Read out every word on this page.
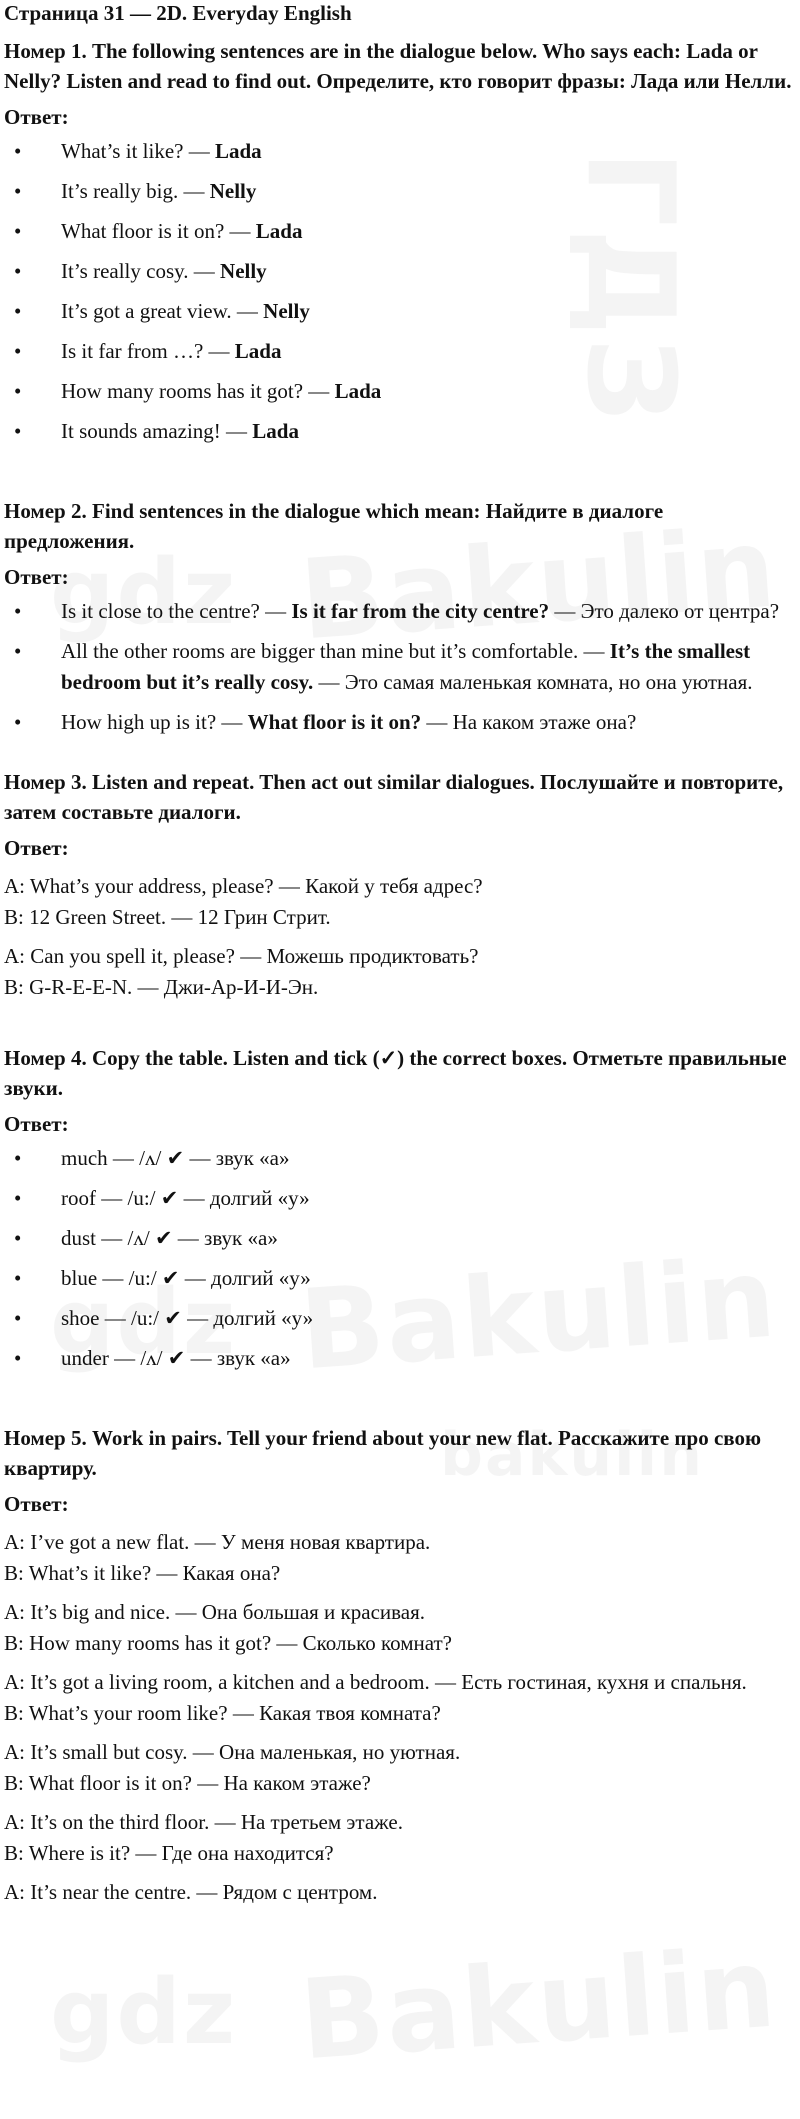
Страница 31 — 2D. Everyday English
Номер 1. The following sentences are in the dialogue below. Who says each: Lada or Nelly? Listen and read to find out. Определите, кто говорит фразы: Лада или Нелли.
Ответ:
• What’s it like? — Lada
• It’s really big. — Nelly
• What floor is it on? — Lada
• It’s really cosy. — Nelly
• It’s got a great view. — Nelly
• Is it far from …? — Lada
• How many rooms has it got? — Lada
• It sounds amazing! — Lada
Номер 2. Find sentences in the dialogue which mean: Найдите в диалоге предложения.
Ответ:
• Is it close to the centre? — Is it far from the city centre? — Это далеко от центра?
• All the other rooms are bigger than mine but it’s comfortable. — It’s the smallest bedroom but it’s really cosy. — Это самая маленькая комната, но она уютная.
• How high up is it? — What floor is it on? — На каком этаже она?
Номер 3. Listen and repeat. Then act out similar dialogues. Послушайте и повторите, затем составьте диалоги.
Ответ:
A: What’s your address, please? — Какой у тебя адрес?
B: 12 Green Street. — 12 Грин Стрит.
A: Can you spell it, please? — Можешь продиктовать?
B: G-R-E-E-N. — Джи-Ар-И-И-Эн.
Номер 4. Copy the table. Listen and tick (✓) the correct boxes. Отметьте правильные звуки.
Ответ:
• much — /ʌ/ ✔ — звук «а»
• roof — /u:/ ✔ — долгий «у»
• dust — /ʌ/ ✔ — звук «а»
• blue — /u:/ ✔ — долгий «у»
• shoe — /u:/ ✔ — долгий «у»
• under — /ʌ/ ✔ — звук «а»
Номер 5. Work in pairs. Tell your friend about your new flat. Расскажите про свою квартиру.
Ответ:
A: I’ve got a new flat. — У меня новая квартира.
B: What’s it like? — Какая она?
A: It’s big and nice. — Она большая и красивая.
B: How many rooms has it got? — Сколько комнат?
A: It’s got a living room, a kitchen and a bedroom. — Есть гостиная, кухня и спальня.
B: What’s your room like? — Какая твоя комната?
A: It’s small but cosy. — Она маленькая, но уютная.
B: What floor is it on? — На каком этаже?
A: It’s on the third floor. — На третьем этаже.
B: Where is it? — Где она находится?
A: It’s near the centre. — Рядом с центром.
